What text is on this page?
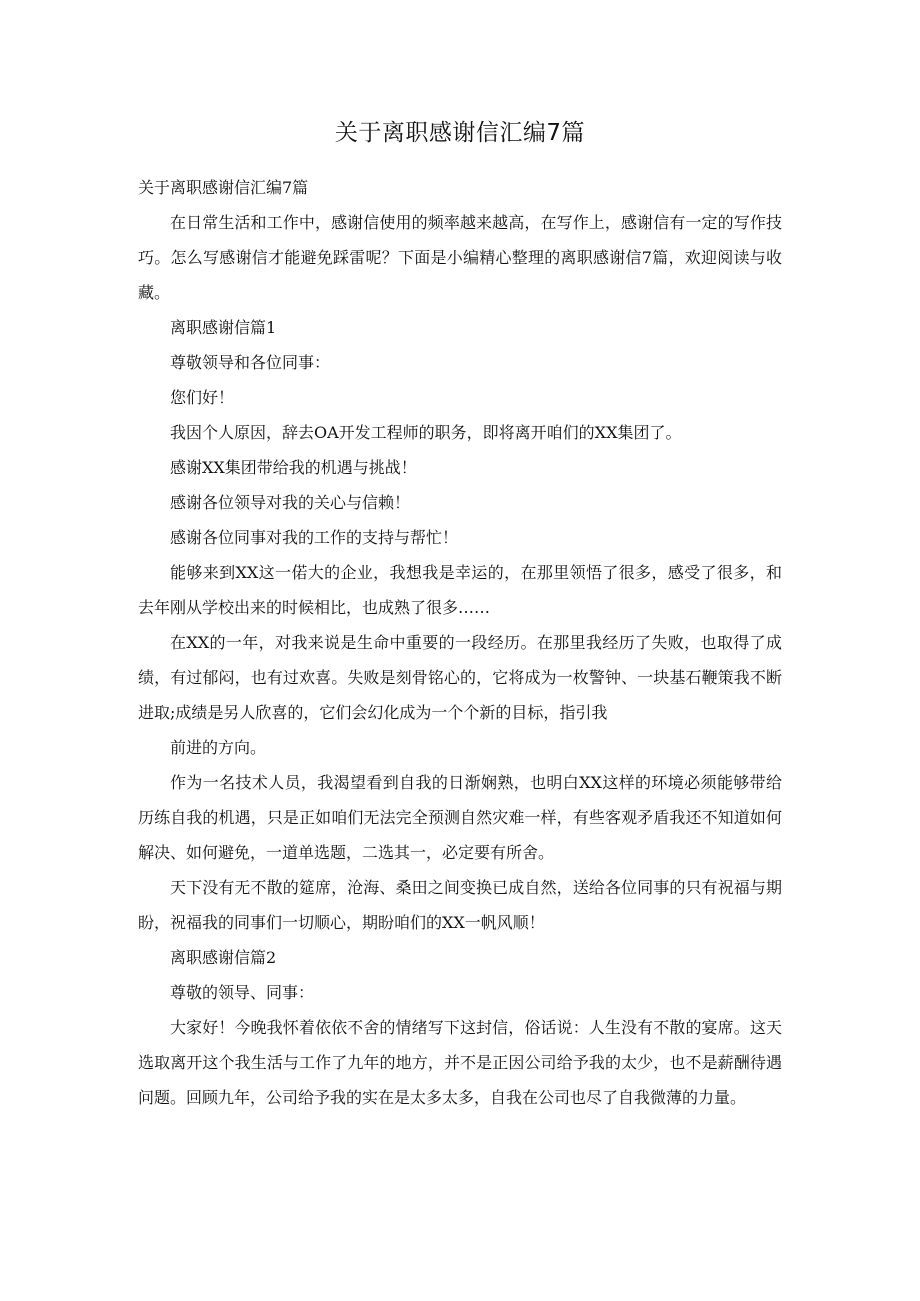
关于离职感谢信汇编7篇

关于离职感谢信汇编7篇

在日常生活和工作中，感谢信使用的频率越来越高，在写作上，感谢信有一定的写作技巧。怎么写感谢信才能避免踩雷呢？下面是小编精心整理的离职感谢信7篇，欢迎阅读与收藏。

离职感谢信篇1

尊敬领导和各位同事：

您们好！

我因个人原因，辞去OA开发工程师的职务，即将离开咱们的XX集团了。

感谢XX集团带给我的机遇与挑战！

感谢各位领导对我的关心与信赖！

感谢各位同事对我的工作的支持与帮忙！

能够来到XX这一偌大的企业，我想我是幸运的，在那里领悟了很多，感受了很多，和去年刚从学校出来的时候相比，也成熟了很多……

在XX的一年，对我来说是生命中重要的一段经历。在那里我经历了失败，也取得了成绩，有过郁闷，也有过欢喜。失败是刻骨铭心的，它将成为一枚警钟、一块基石鞭策我不断进取;成绩是另人欣喜的，它们会幻化成为一个个新的目标，指引我

前进的方向。

作为一名技术人员，我渴望看到自我的日渐娴熟，也明白XX这样的环境必须能够带给历练自我的机遇，只是正如咱们无法完全预测自然灾难一样，有些客观矛盾我还不知道如何解决、如何避免，一道单选题，二选其一，必定要有所舍。

天下没有无不散的筵席，沧海、桑田之间变换已成自然，送给各位同事的只有祝福与期盼，祝福我的同事们一切顺心，期盼咱们的XX一帆风顺！

离职感谢信篇2

尊敬的领导、同事：

大家好！今晚我怀着依依不舍的情绪写下这封信，俗话说：人生没有不散的宴席。这天选取离开这个我生活与工作了九年的地方，并不是正因公司给予我的太少，也不是薪酬待遇问题。回顾九年，公司给予我的实在是太多太多，自我在公司也尽了自我微薄的力量。
